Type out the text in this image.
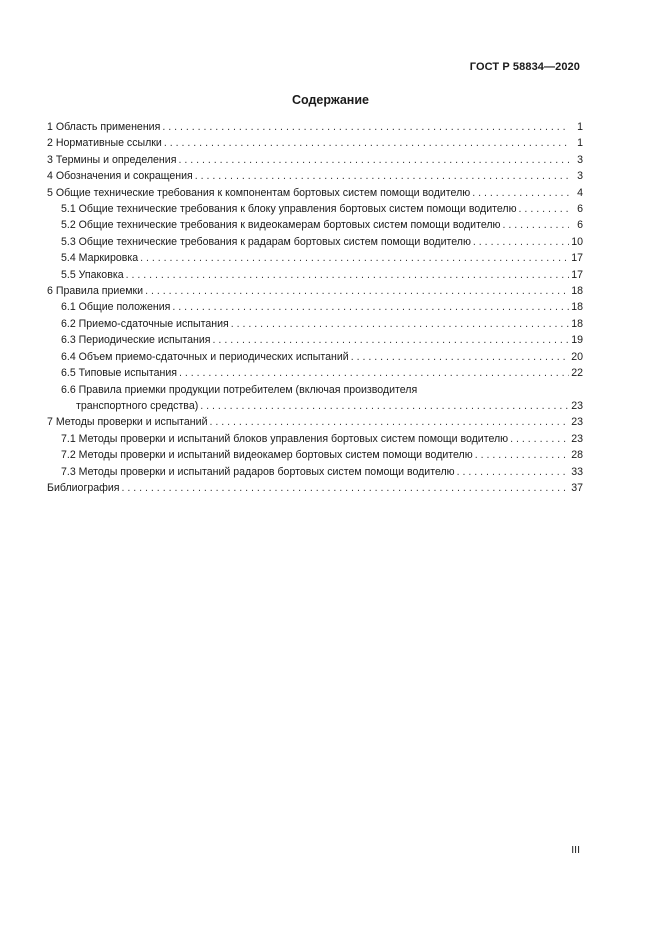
ГОСТ Р 58834—2020
Содержание
1 Область применения . . .	1
2 Нормативные ссылки . . .	1
3 Термины и определения . . .	3
4 Обозначения и сокращения . . .	3
5 Общие технические требования к компонентам бортовых систем помощи водителю . . .	4
5.1 Общие технические требования к блоку управления бортовых систем помощи водителю . . .	6
5.2 Общие технические требования к видеокамерам бортовых систем помощи водителю . . .	6
5.3 Общие технические требования к радарам бортовых систем помощи водителю . . .	10
5.4 Маркировка . . .	17
5.5 Упаковка . . .	17
6 Правила приемки . . .	18
6.1 Общие положения . . .	18
6.2 Приемо-сдаточные испытания . . .	18
6.3 Периодические испытания . . .	19
6.4 Объем приемо-сдаточных и периодических испытаний . . .	20
6.5 Типовые испытания . . .	22
6.6 Правила приемки продукции потребителем (включая производителя
транспортного средства) . . .	23
7 Методы проверки и испытаний . . .	23
7.1 Методы проверки и испытаний блоков управления бортовых систем помощи водителю . . .	23
7.2 Методы проверки и испытаний видеокамер бортовых систем помощи водителю . . .	28
7.3 Методы проверки и испытаний радаров бортовых систем помощи водителю . . .	33
Библиография . . .	37
III
